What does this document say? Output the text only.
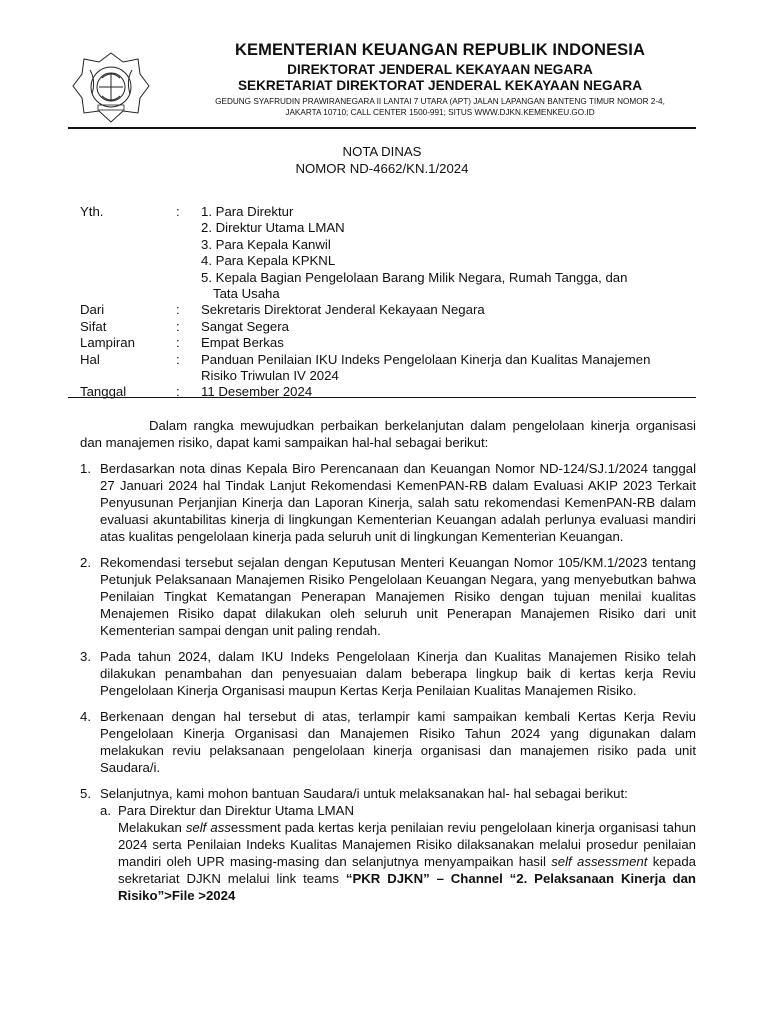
KEMENTERIAN KEUANGAN REPUBLIK INDONESIA
DIREKTORAT JENDERAL KEKAYAAN NEGARA
SEKRETARIAT DIREKTORAT JENDERAL KEKAYAAN NEGARA
GEDUNG SYAFRUDIN PRAWIRANEGARA II LANTAI 7 UTARA (APT) JALAN LAPANGAN BANTENG TIMUR NOMOR 2-4,
JAKARTA 10710; CALL CENTER 1500-991; SITUS WWW.DJKN.KEMENKEU.GO.ID
NOTA DINAS
NOMOR ND-4662/KN.1/2024
Yth.	:	1. Para Direktur
2. Direktur Utama LMAN
3. Para Kepala Kanwil
4. Para Kepala KPKNL
5. Kepala Bagian Pengelolaan Barang Milik Negara, Rumah Tangga, dan
Tata Usaha
Dari	:	Sekretaris Direktorat Jenderal Kekayaan Negara
Sifat	:	Sangat Segera
Lampiran	:	Empat Berkas
Hal	:	Panduan Penilaian IKU Indeks Pengelolaan Kinerja dan Kualitas Manajemen
Risiko Triwulan IV 2024
Tanggal	:	11 Desember 2024

Dalam rangka mewujudkan perbaikan berkelanjutan dalam pengelolaan kinerja organisasi dan manajemen risiko, dapat kami sampaikan hal-hal sebagai berikut:

1. Berdasarkan nota dinas Kepala Biro Perencanaan dan Keuangan Nomor ND-124/SJ.1/2024 tanggal 27 Januari 2024 hal Tindak Lanjut Rekomendasi KemenPAN-RB dalam Evaluasi AKIP 2023 Terkait Penyusunan Perjanjian Kinerja dan Laporan Kinerja, salah satu rekomendasi KemenPAN-RB dalam evaluasi akuntabilitas kinerja di lingkungan Kementerian Keuangan adalah perlunya evaluasi mandiri atas kualitas pengelolaan kinerja pada seluruh unit di lingkungan Kementerian Keuangan.
2. Rekomendasi tersebut sejalan dengan Keputusan Menteri Keuangan Nomor 105/KM.1/2023 tentang Petunjuk Pelaksanaan Manajemen Risiko Pengelolaan Keuangan Negara, yang menyebutkan bahwa Penilaian Tingkat Kematangan Penerapan Manajemen Risiko dengan tujuan menilai kualitas Menajemen Risiko dapat dilakukan oleh seluruh unit Penerapan Manajemen Risiko dari unit Kementerian sampai dengan unit paling rendah.
3. Pada tahun 2024, dalam IKU Indeks Pengelolaan Kinerja dan Kualitas Manajemen Risiko telah dilakukan penambahan dan penyesuaian dalam beberapa lingkup baik di kertas kerja Reviu Pengelolaan Kinerja Organisasi maupun Kertas Kerja Penilaian Kualitas Manajemen Risiko.
4. Berkenaan dengan hal tersebut di atas, terlampir kami sampaikan kembali Kertas Kerja Reviu Pengelolaan Kinerja Organisasi dan Manajemen Risiko Tahun 2024 yang digunakan dalam melakukan reviu pelaksanaan pengelolaan kinerja organisasi dan manajemen risiko pada unit Saudara/i.
5. Selanjutnya, kami mohon bantuan Saudara/i untuk melaksanakan hal- hal sebagai berikut:
a. Para Direktur dan Direktur Utama LMAN
Melakukan self assessment pada kertas kerja penilaian reviu pengelolaan kinerja organisasi tahun 2024 serta Penilaian Indeks Kualitas Manajemen Risiko dilaksanakan melalui prosedur penilaian mandiri oleh UPR masing-masing dan selanjutnya menyampaikan hasil self assessment kepada sekretariat DJKN melalui link teams “PKR DJKN” – Channel “2. Pelaksanaan Kinerja dan Risiko”>File >2024
